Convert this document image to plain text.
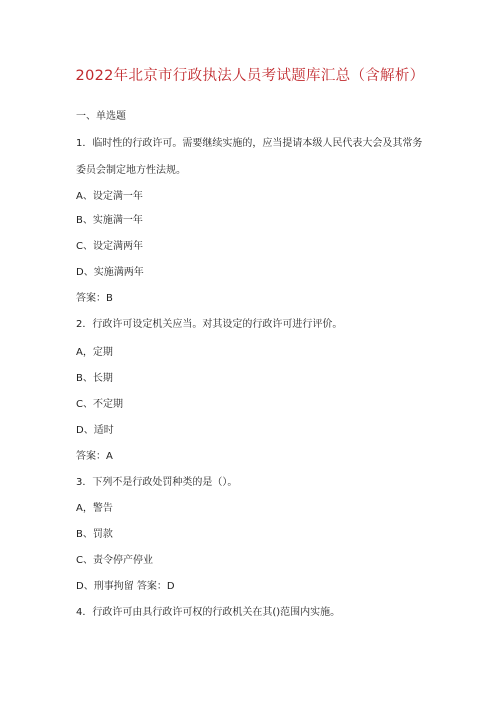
2022年北京市行政执法人员考试题库汇总（含解析）
一、单选题
1．临时性的行政许可。需要继续实施的，应当提请本级人民代表大会及其常务
委员会制定地方性法规。
A、设定满一年
B、实施满一年
C、设定满两年
D、实施满两年
答案：B
2．行政许可设定机关应当。对其设定的行政许可进行评价。
A，定期
B、长期
C、不定期
D、适时
答案：A
3．下列不是行政处罚种类的是（）。
A，警告
B、罚款
C、责令停产停业
D、刑事拘留 答案：D
4．行政许可由具行政许可权的行政机关在其()范围内实施。
